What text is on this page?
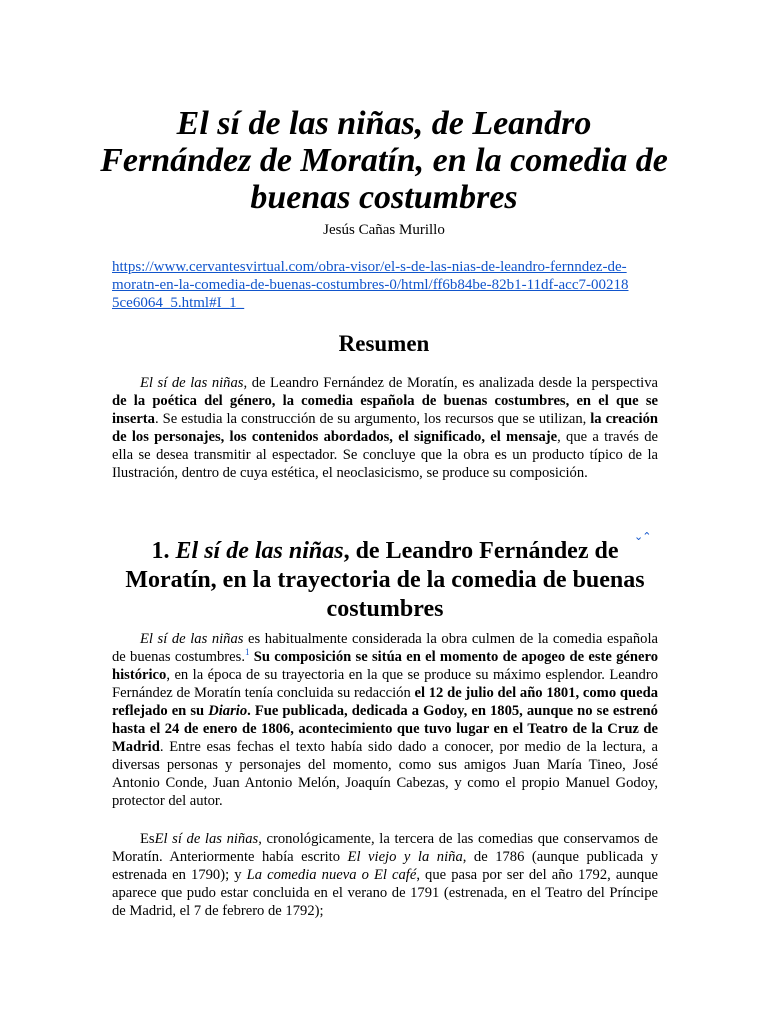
El sí de las niñas, de Leandro Fernández de Moratín, en la comedia de buenas costumbres
Jesús Cañas Murillo
https://www.cervantesvirtual.com/obra-visor/el-s-de-las-nias-de-leandro-fernndez-de-moratn-en-la-comedia-de-buenas-costumbres-0/html/ff6b84be-82b1-11df-acc7-002185ce6064_5.html#I_1_
Resumen

El sí de las niñas, de Leandro Fernández de Moratín, es analizada desde la perspectiva de la poética del género, la comedia española de buenas costumbres, en el que se inserta. Se estudia la construcción de su argumento, los recursos que se utilizan, la creación de los personajes, los contenidos abordados, el significado, el mensaje, que a través de ella se desea transmitir al espectador. Se concluye que la obra es un producto típico de la Ilustración, dentro de cuya estética, el neoclasicismo, se produce su composición.

1. El sí de las niñas, de Leandro Fernández de Moratín, en la trayectoria de la comedia de buenas costumbres
⌄⌃

El sí de las niñas es habitualmente considerada la obra culmen de la comedia española de buenas costumbres.$^1$ Su composición se sitúa en el momento de apogeo de este género histórico, en la época de su trayectoria en la que se produce su máximo esplendor. Leandro Fernández de Moratín tenía concluida su redacción el 12 de julio del año 1801, como queda reflejado en su Diario. Fue publicada, dedicada a Godoy, en 1805, aunque no se estrenó hasta el 24 de enero de 1806, acontecimiento que tuvo lugar en el Teatro de la Cruz de Madrid. Entre esas fechas el texto había sido dado a conocer, por medio de la lectura, a diversas personas y personajes del momento, como sus amigos Juan María Tineo, José Antonio Conde, Juan Antonio Melón, Joaquín Cabezas, y como el propio Manuel Godoy, protector del autor.

EsEl sí de las niñas, cronológicamente, la tercera de las comedias que conservamos de Moratín. Anteriormente había escrito El viejo y la niña, de 1786 (aunque publicada y estrenada en 1790); y La comedia nueva o El café, que pasa por ser del año 1792, aunque aparece que pudo estar concluida en el verano de 1791 (estrenada, en el Teatro del Príncipe de Madrid, el 7 de febrero de 1792);
